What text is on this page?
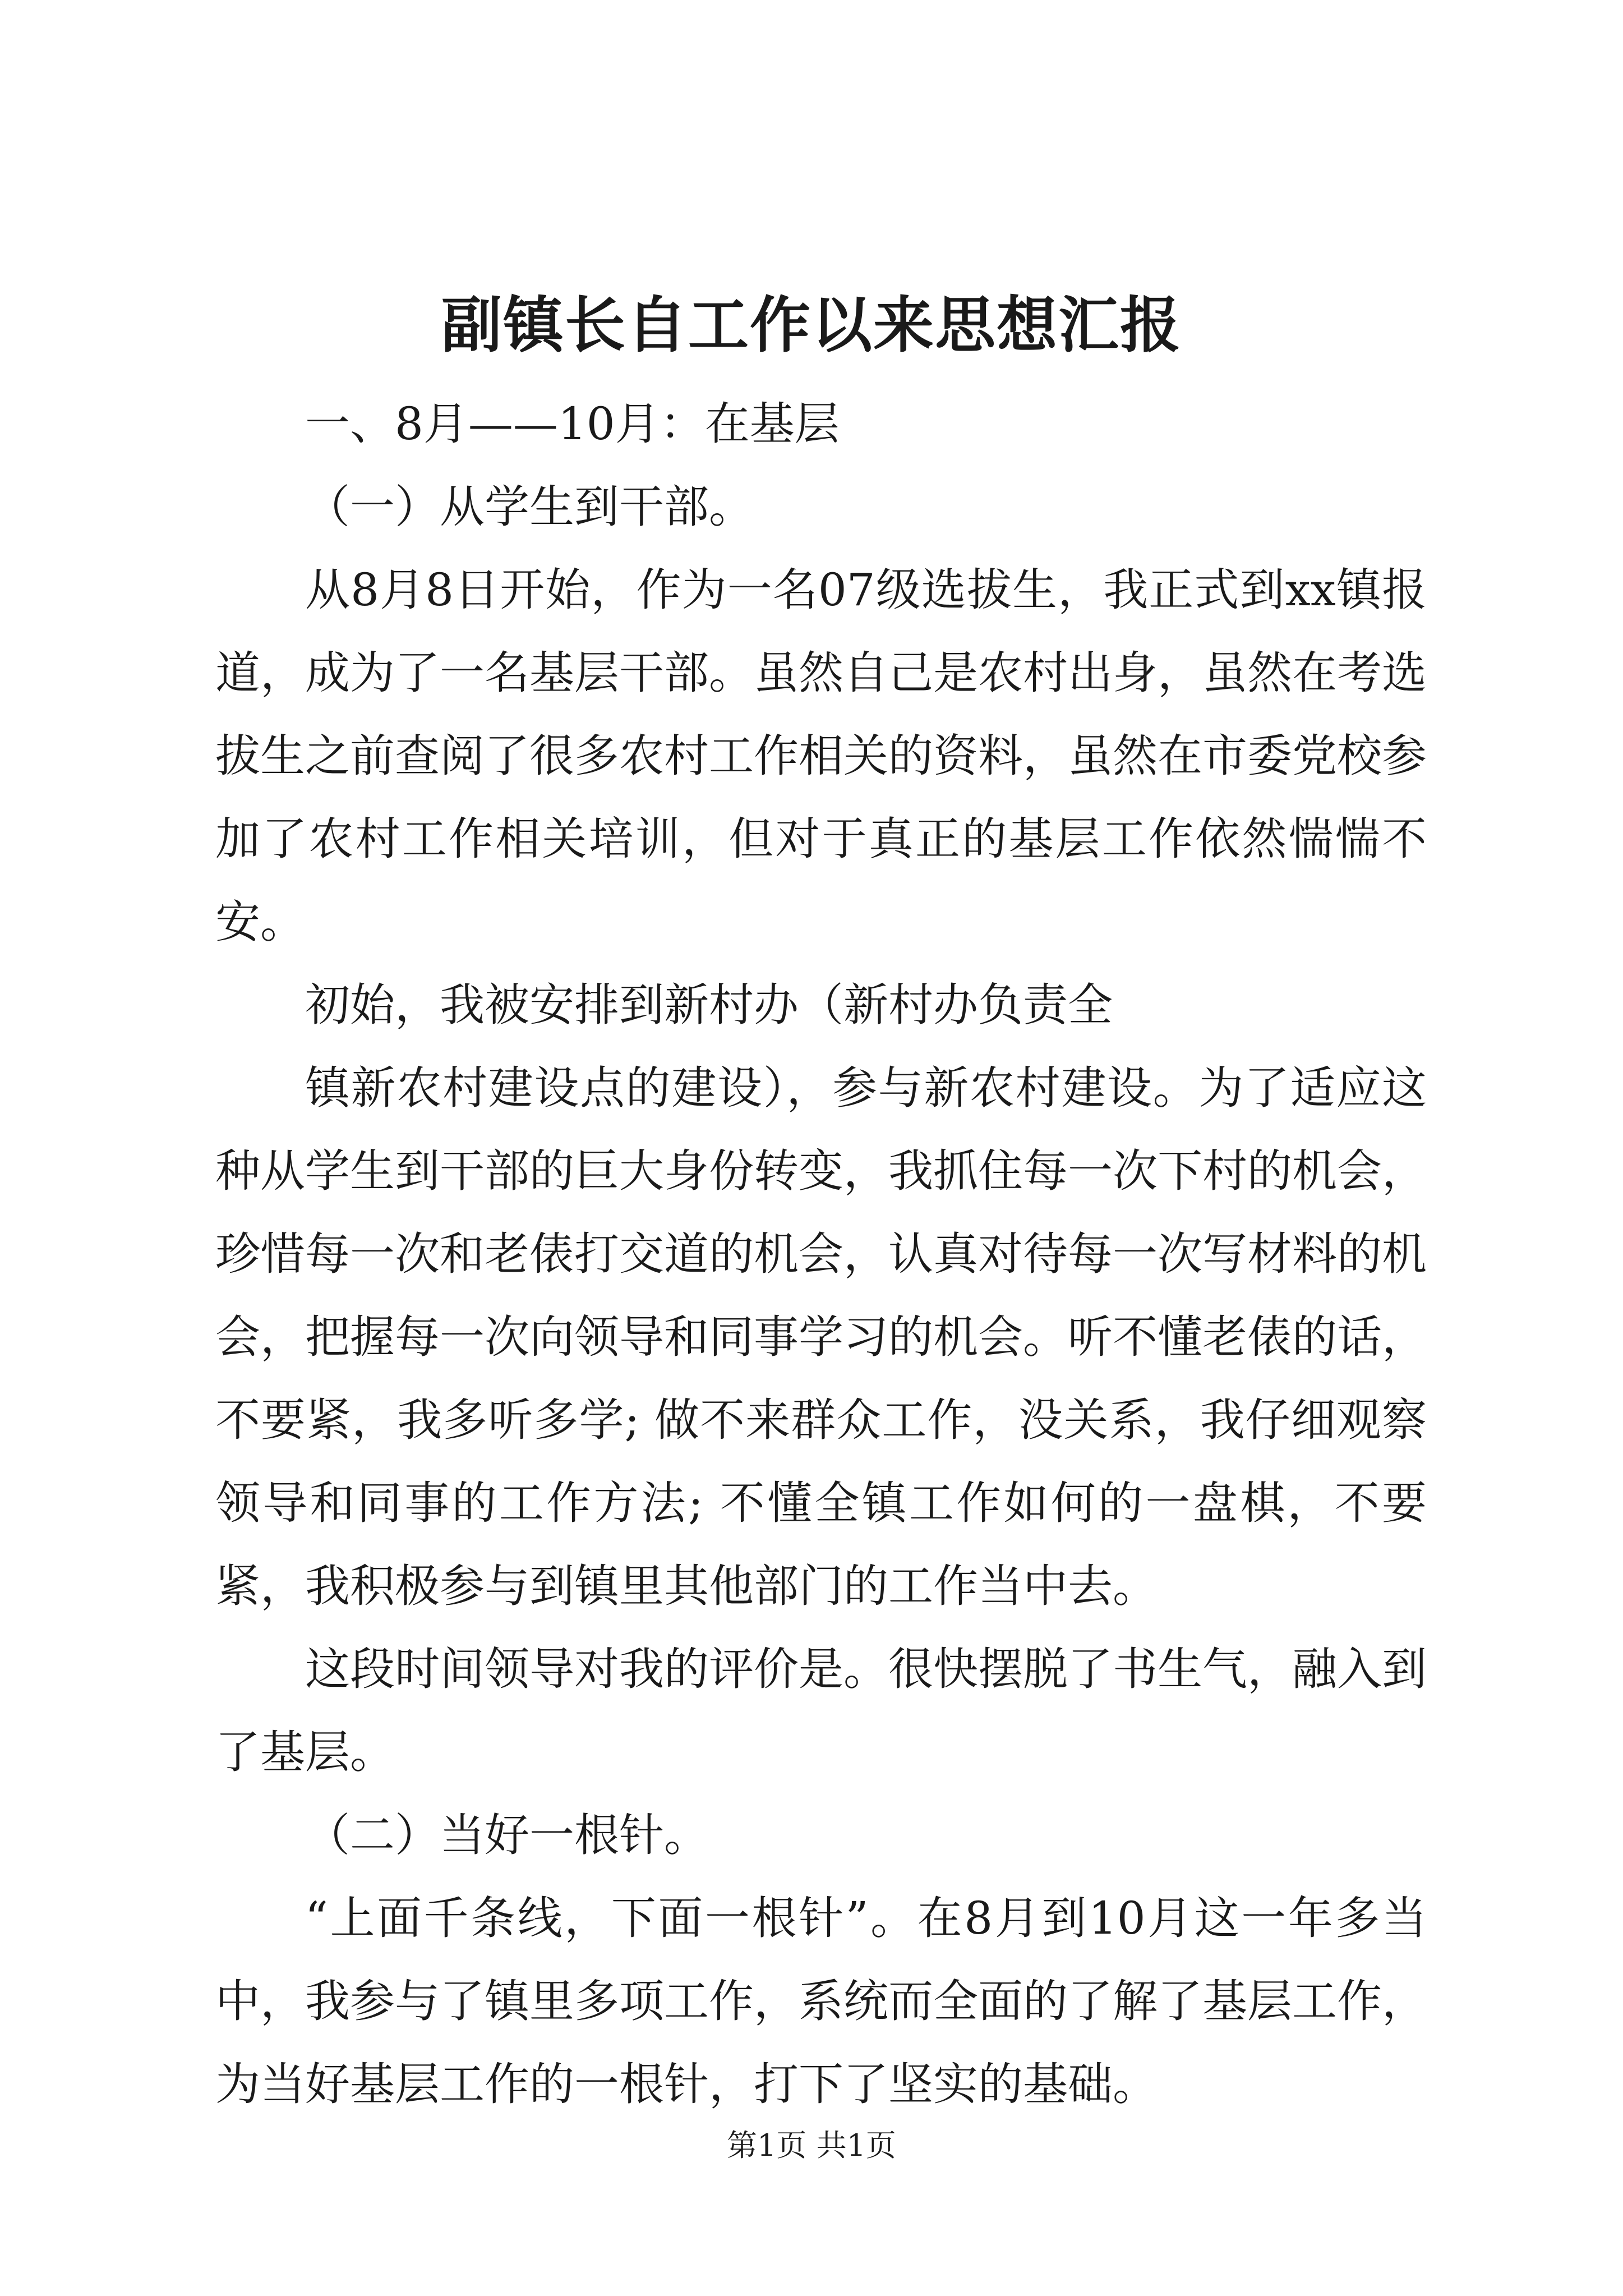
副镇长自工作以来思想汇报

一、8月——10月：在基层

（一）从学生到干部。

从8月8日开始，作为一名07级选拔生，我正式到xx镇报道，成为了一名基层干部。虽然自己是农村出身，虽然在考选拔生之前查阅了很多农村工作相关的资料，虽然在市委党校参加了农村工作相关培训，但对于真正的基层工作依然惴惴不安。

初始，我被安排到新村办（新村办负责全

镇新农村建设点的建设），参与新农村建设。为了适应这种从学生到干部的巨大身份转变，我抓住每一次下村的机会，珍惜每一次和老俵打交道的机会，认真对待每一次写材料的机会，把握每一次向领导和同事学习的机会。听不懂老俵的话，不要紧，我多听多学; 做不来群众工作，没关系，我仔细观察领导和同事的工作方法; 不懂全镇工作如何的一盘棋，不要紧，我积极参与到镇里其他部门的工作当中去。

这段时间领导对我的评价是。很快摆脱了书生气，融入到了基层。

（二）当好一根针。

“上面千条线，下面一根针”。在8月到10月这一年多当中，我参与了镇里多项工作，系统而全面的了解了基层工作，为当好基层工作的一根针，打下了坚实的基础。

第1页 共1页
